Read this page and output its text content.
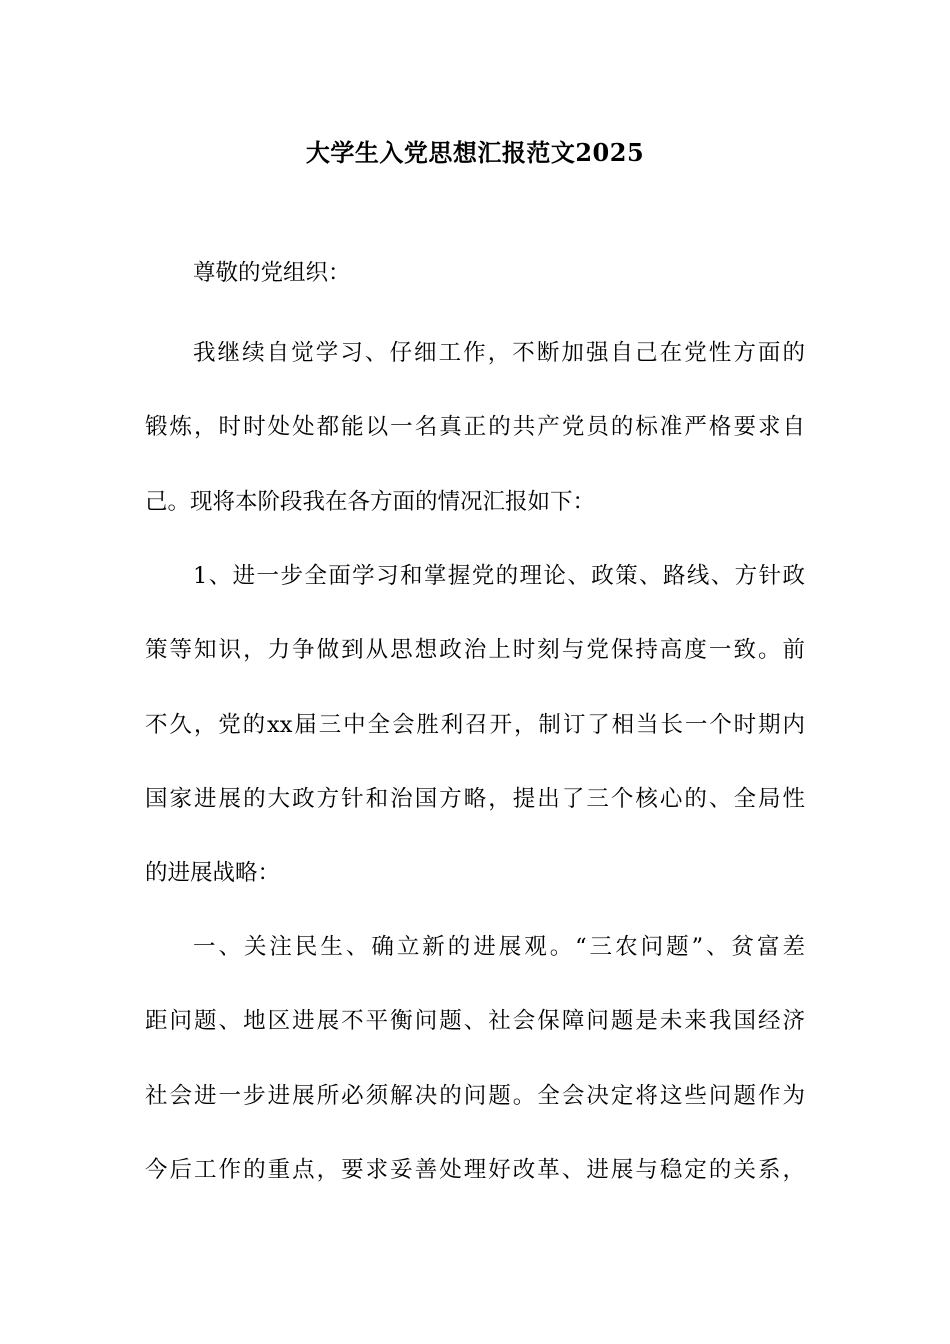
大学生入党思想汇报范文2025
尊敬的党组织：
我继续自觉学习、仔细工作，不断加强自己在党性方面的
锻炼，时时处处都能以一名真正的共产党员的标准严格要求自
己。现将本阶段我在各方面的情况汇报如下：
1、进一步全面学习和掌握党的理论、政策、路线、方针政
策等知识，力争做到从思想政治上时刻与党保持高度一致。前
不久，党的xx届三中全会胜利召开，制订了相当长一个时期内
国家进展的大政方针和治国方略，提出了三个核心的、全局性
的进展战略：
一、关注民生、确立新的进展观。“三农问题”、贫富差
距问题、地区进展不平衡问题、社会保障问题是未来我国经济
社会进一步进展所必须解决的问题。全会决定将这些问题作为
今后工作的重点，要求妥善处理好改革、进展与稳定的关系，
